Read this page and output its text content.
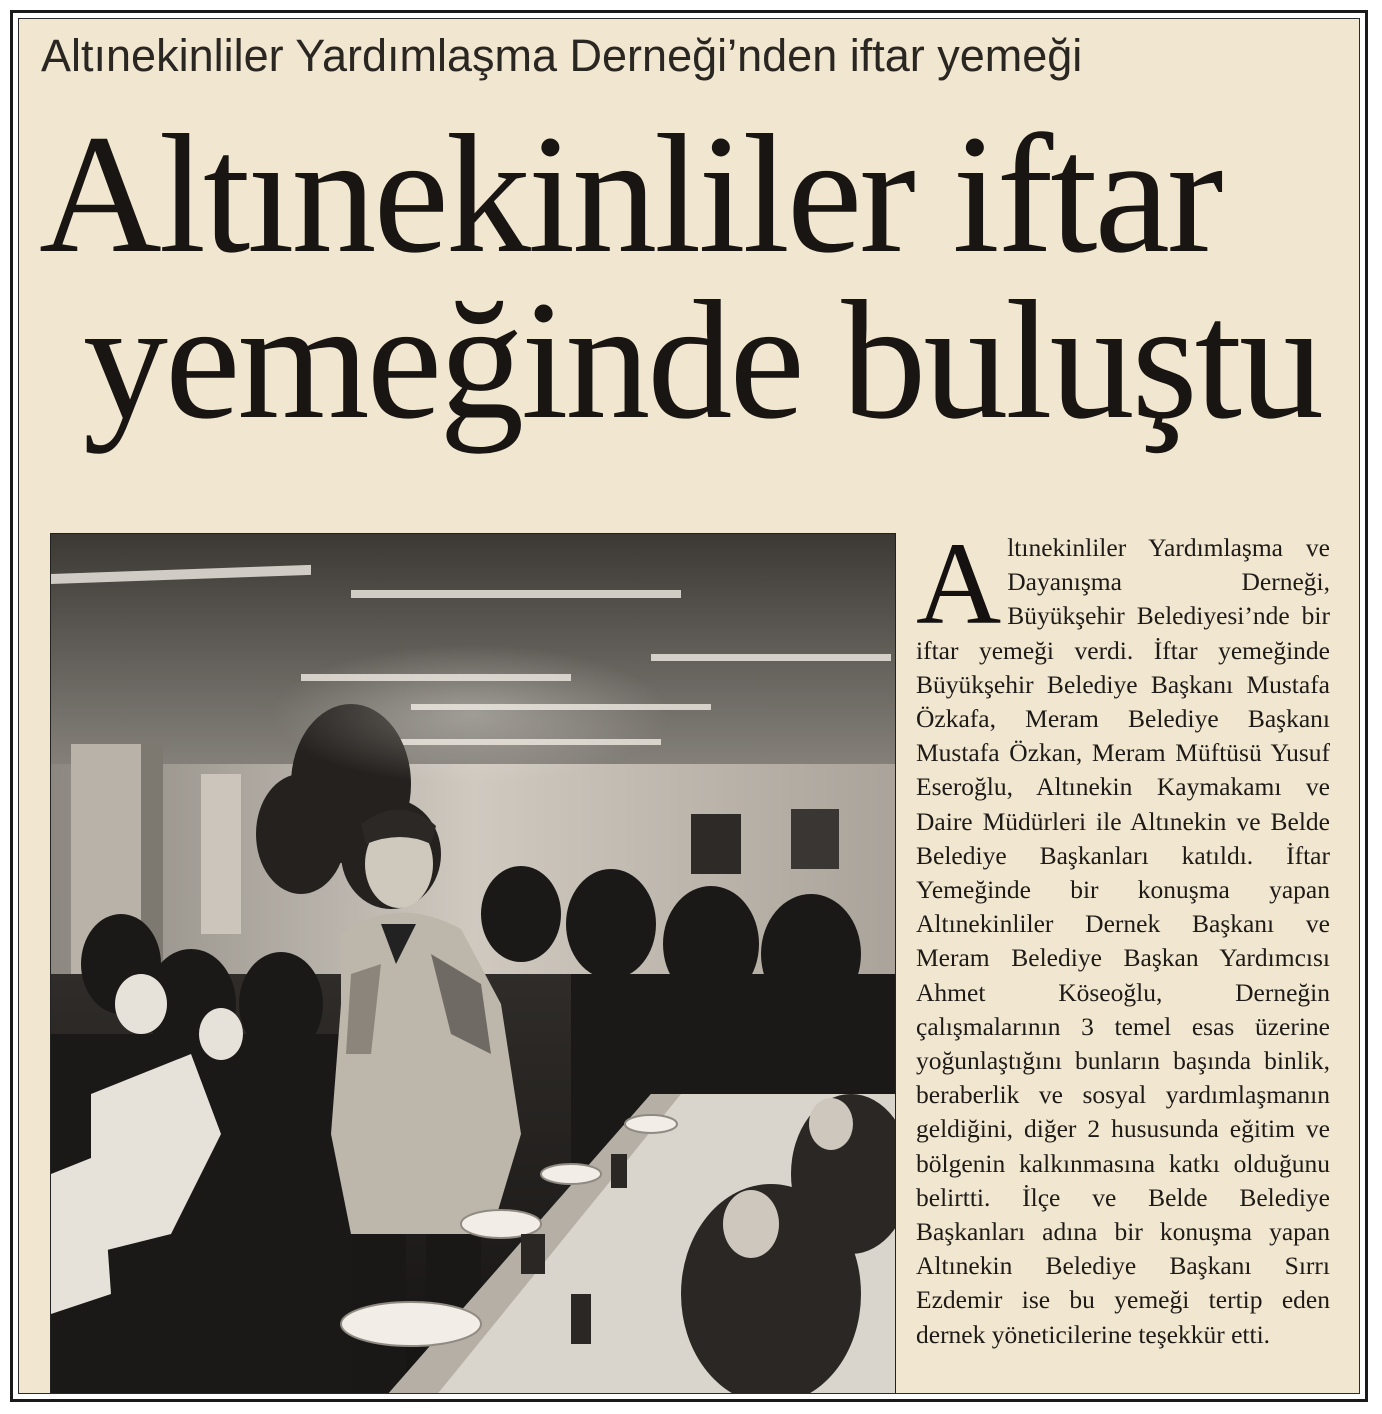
Altınekinliler Yardımlaşma Derneği’nden iftar yemeği
Altınekinliler iftar
yemeğinde buluştu
A ltınekinliler Yardımlaşma ve Dayanışma Derneği, Büyükşehir Belediyesi’nde bir iftar yemeği verdi. İftar yemeğinde Büyükşehir Belediye Başkanı Mustafa Özkafa, Meram Belediye Başkanı Mustafa Özkan, Meram Müftüsü Yusuf Eseroğlu, Altınekin Kaymakamı ve Daire Müdürleri ile Altınekin ve Belde Belediye Başkanları katıldı. İftar Yemeğinde bir konuşma yapan Altınekinliler Dernek Başkanı ve Meram Belediye Başkan Yardımcısı Ahmet Köseoğlu, Derneğin çalışmalarının 3 temel esas üzerine yoğunlaştığını bunların başında binlik, beraberlik ve sosyal yardımlaşmanın geldiğini, diğer 2 hususunda eğitim ve bölgenin kalkınmasına katkı olduğunu belirtti. İlçe ve Belde Belediye Başkanları adına bir konuşma yapan Altınekin Belediye Başkanı Sırrı Ezdemir ise bu yemeği tertip eden dernek yöneticilerine teşekkür etti.
